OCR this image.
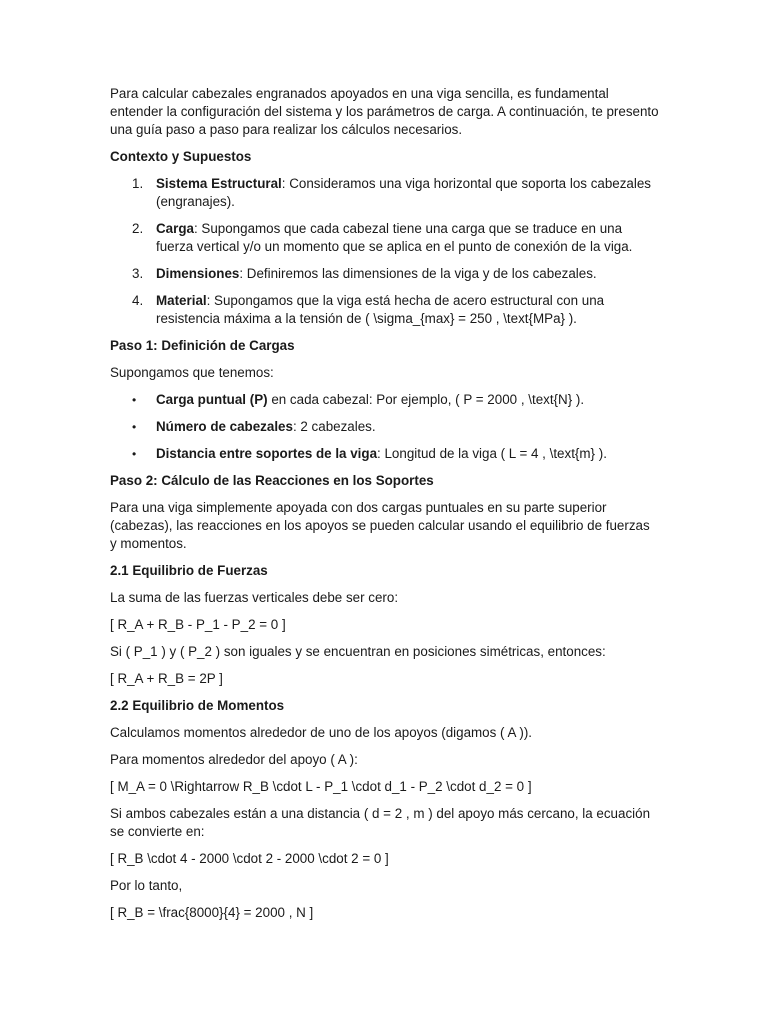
Para calcular cabezales engranados apoyados en una viga sencilla, es fundamental entender la configuración del sistema y los parámetros de carga. A continuación, te presento una guía paso a paso para realizar los cálculos necesarios.

Contexto y Supuestos

1. Sistema Estructural: Consideramos una viga horizontal que soporta los cabezales (engranajes).
2. Carga: Supongamos que cada cabezal tiene una carga que se traduce en una fuerza vertical y/o un momento que se aplica en el punto de conexión de la viga.
3. Dimensiones: Definiremos las dimensiones de la viga y de los cabezales.
4. Material: Supongamos que la viga está hecha de acero estructural con una resistencia máxima a la tensión de ( \sigma_{max} = 250 , \text{MPa} ).

Paso 1: Definición de Cargas

Supongamos que tenemos:

• Carga puntual (P) en cada cabezal: Por ejemplo, ( P = 2000 , \text{N} ).
• Número de cabezales: 2 cabezales.
• Distancia entre soportes de la viga: Longitud de la viga ( L = 4 , \text{m} ).

Paso 2: Cálculo de las Reacciones en los Soportes

Para una viga simplemente apoyada con dos cargas puntuales en su parte superior (cabezas), las reacciones en los apoyos se pueden calcular usando el equilibrio de fuerzas y momentos.

2.1 Equilibrio de Fuerzas

La suma de las fuerzas verticales debe ser cero:

[ R_A + R_B - P_1 - P_2 = 0 ]

Si ( P_1 ) y ( P_2 ) son iguales y se encuentran en posiciones simétricas, entonces:

[ R_A + R_B = 2P ]

2.2 Equilibrio de Momentos

Calculamos momentos alrededor de uno de los apoyos (digamos ( A )).

Para momentos alrededor del apoyo ( A ):

[ M_A = 0 \Rightarrow R_B \cdot L - P_1 \cdot d_1 - P_2 \cdot d_2 = 0 ]

Si ambos cabezales están a una distancia ( d = 2 , m ) del apoyo más cercano, la ecuación se convierte en:

[ R_B \cdot 4 - 2000 \cdot 2 - 2000 \cdot 2 = 0 ]

Por lo tanto,

[ R_B = \frac{8000}{4} = 2000 , N ]
